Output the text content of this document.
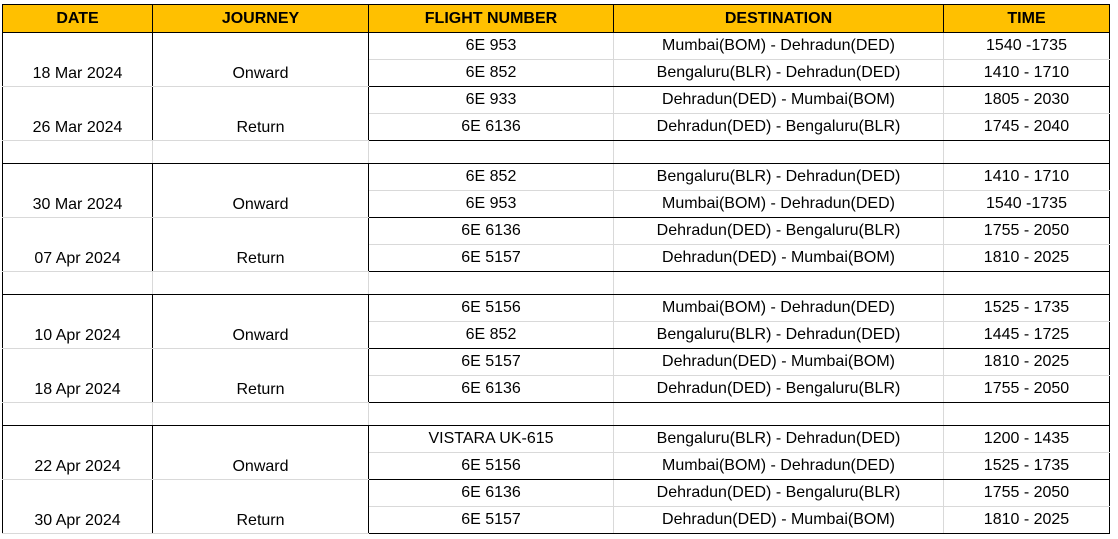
DATE	JOURNEY	FLIGHT NUMBER	DESTINATION	TIME
18 Mar 2024	Onward	6E 953	Mumbai(BOM) - Dehradun(DED)	1540 -1735
		6E 852	Bengaluru(BLR) - Dehradun(DED)	1410 - 1710
26 Mar 2024	Return	6E 933	Dehradun(DED) - Mumbai(BOM)	1805 - 2030
		6E 6136	Dehradun(DED) - Bengaluru(BLR)	1745 - 2040

30 Mar 2024	Onward	6E 852	Bengaluru(BLR) - Dehradun(DED)	1410 - 1710
		6E 953	Mumbai(BOM) - Dehradun(DED)	1540 -1735
07 Apr 2024	Return	6E 6136	Dehradun(DED) - Bengaluru(BLR)	1755 - 2050
		6E 5157	Dehradun(DED) - Mumbai(BOM)	1810 - 2025

10 Apr 2024	Onward	6E 5156	Mumbai(BOM) - Dehradun(DED)	1525 - 1735
		6E 852	Bengaluru(BLR) - Dehradun(DED)	1445 - 1725
18 Apr 2024	Return	6E 5157	Dehradun(DED) - Mumbai(BOM)	1810 - 2025
		6E 6136	Dehradun(DED) - Bengaluru(BLR)	1755 - 2050

22 Apr 2024	Onward	VISTARA UK-615	Bengaluru(BLR) - Dehradun(DED)	1200 - 1435
		6E 5156	Mumbai(BOM) - Dehradun(DED)	1525 - 1735
30 Apr 2024	Return	6E 6136	Dehradun(DED) - Bengaluru(BLR)	1755 - 2050
		6E 5157	Dehradun(DED) - Mumbai(BOM)	1810 - 2025
